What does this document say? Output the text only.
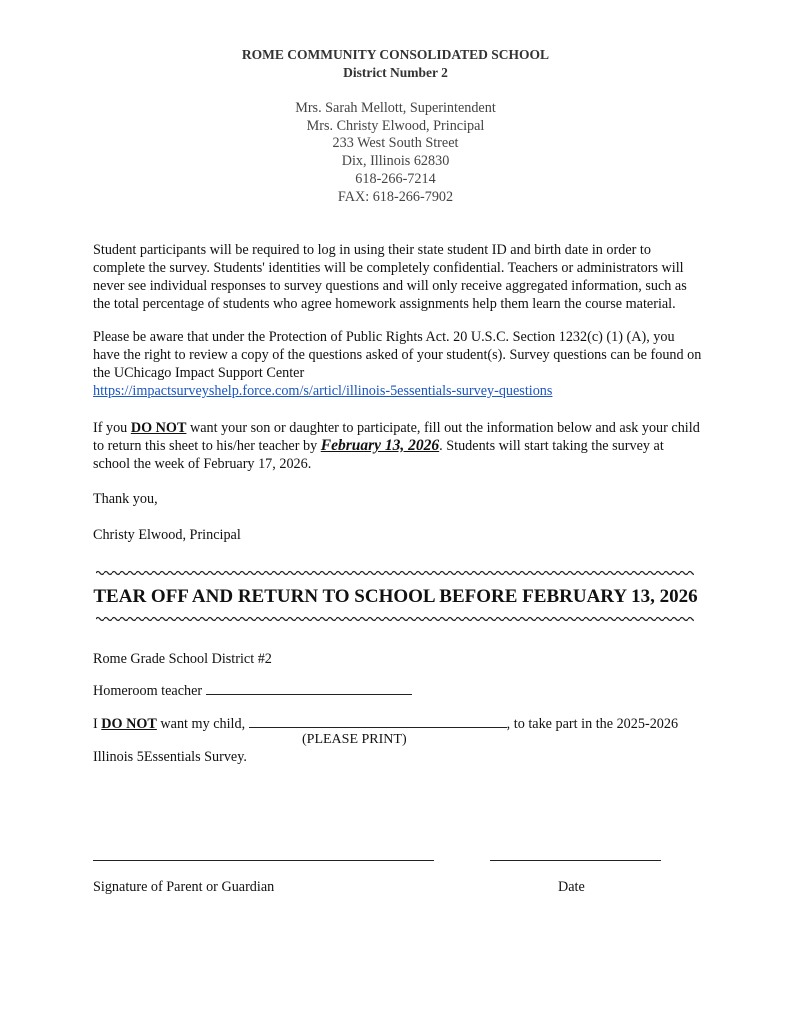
ROME COMMUNITY CONSOLIDATED SCHOOL
District Number 2
Mrs. Sarah Mellott, Superintendent
Mrs. Christy Elwood, Principal
233 West South Street
Dix, Illinois 62830
618-266-7214
FAX: 618-266-7902

Student participants will be required to log in using their state student ID and birth date in order to complete the survey. Students' identities will be completely confidential. Teachers or administrators will never see individual responses to survey questions and will only receive aggregated information, such as the total percentage of students who agree homework assignments help them learn the course material.

Please be aware that under the Protection of Public Rights Act. 20 U.S.C. Section 1232(c) (1) (A), you have the right to review a copy of the questions asked of your student(s). Survey questions can be found on the UChicago Impact Support Center

https://impactsurveyshelp.force.com/s/articl/illinois-5essentials-survey-questions

If you DO NOT want your son or daughter to participate, fill out the information below and ask your child to return this sheet to his/her teacher by February 13, 2026. Students will start taking the survey at school the week of February 17, 2026.

Thank you,
Christy Elwood, Principal
TEAR OFF AND RETURN TO SCHOOL BEFORE FEBRUARY 13, 2026
Rome Grade School District #2
Homeroom teacher
I DO NOT want my child,	, to take part in the 2025-2026
(PLEASE PRINT)
Illinois 5Essentials Survey.
Signature of Parent or Guardian	Date
